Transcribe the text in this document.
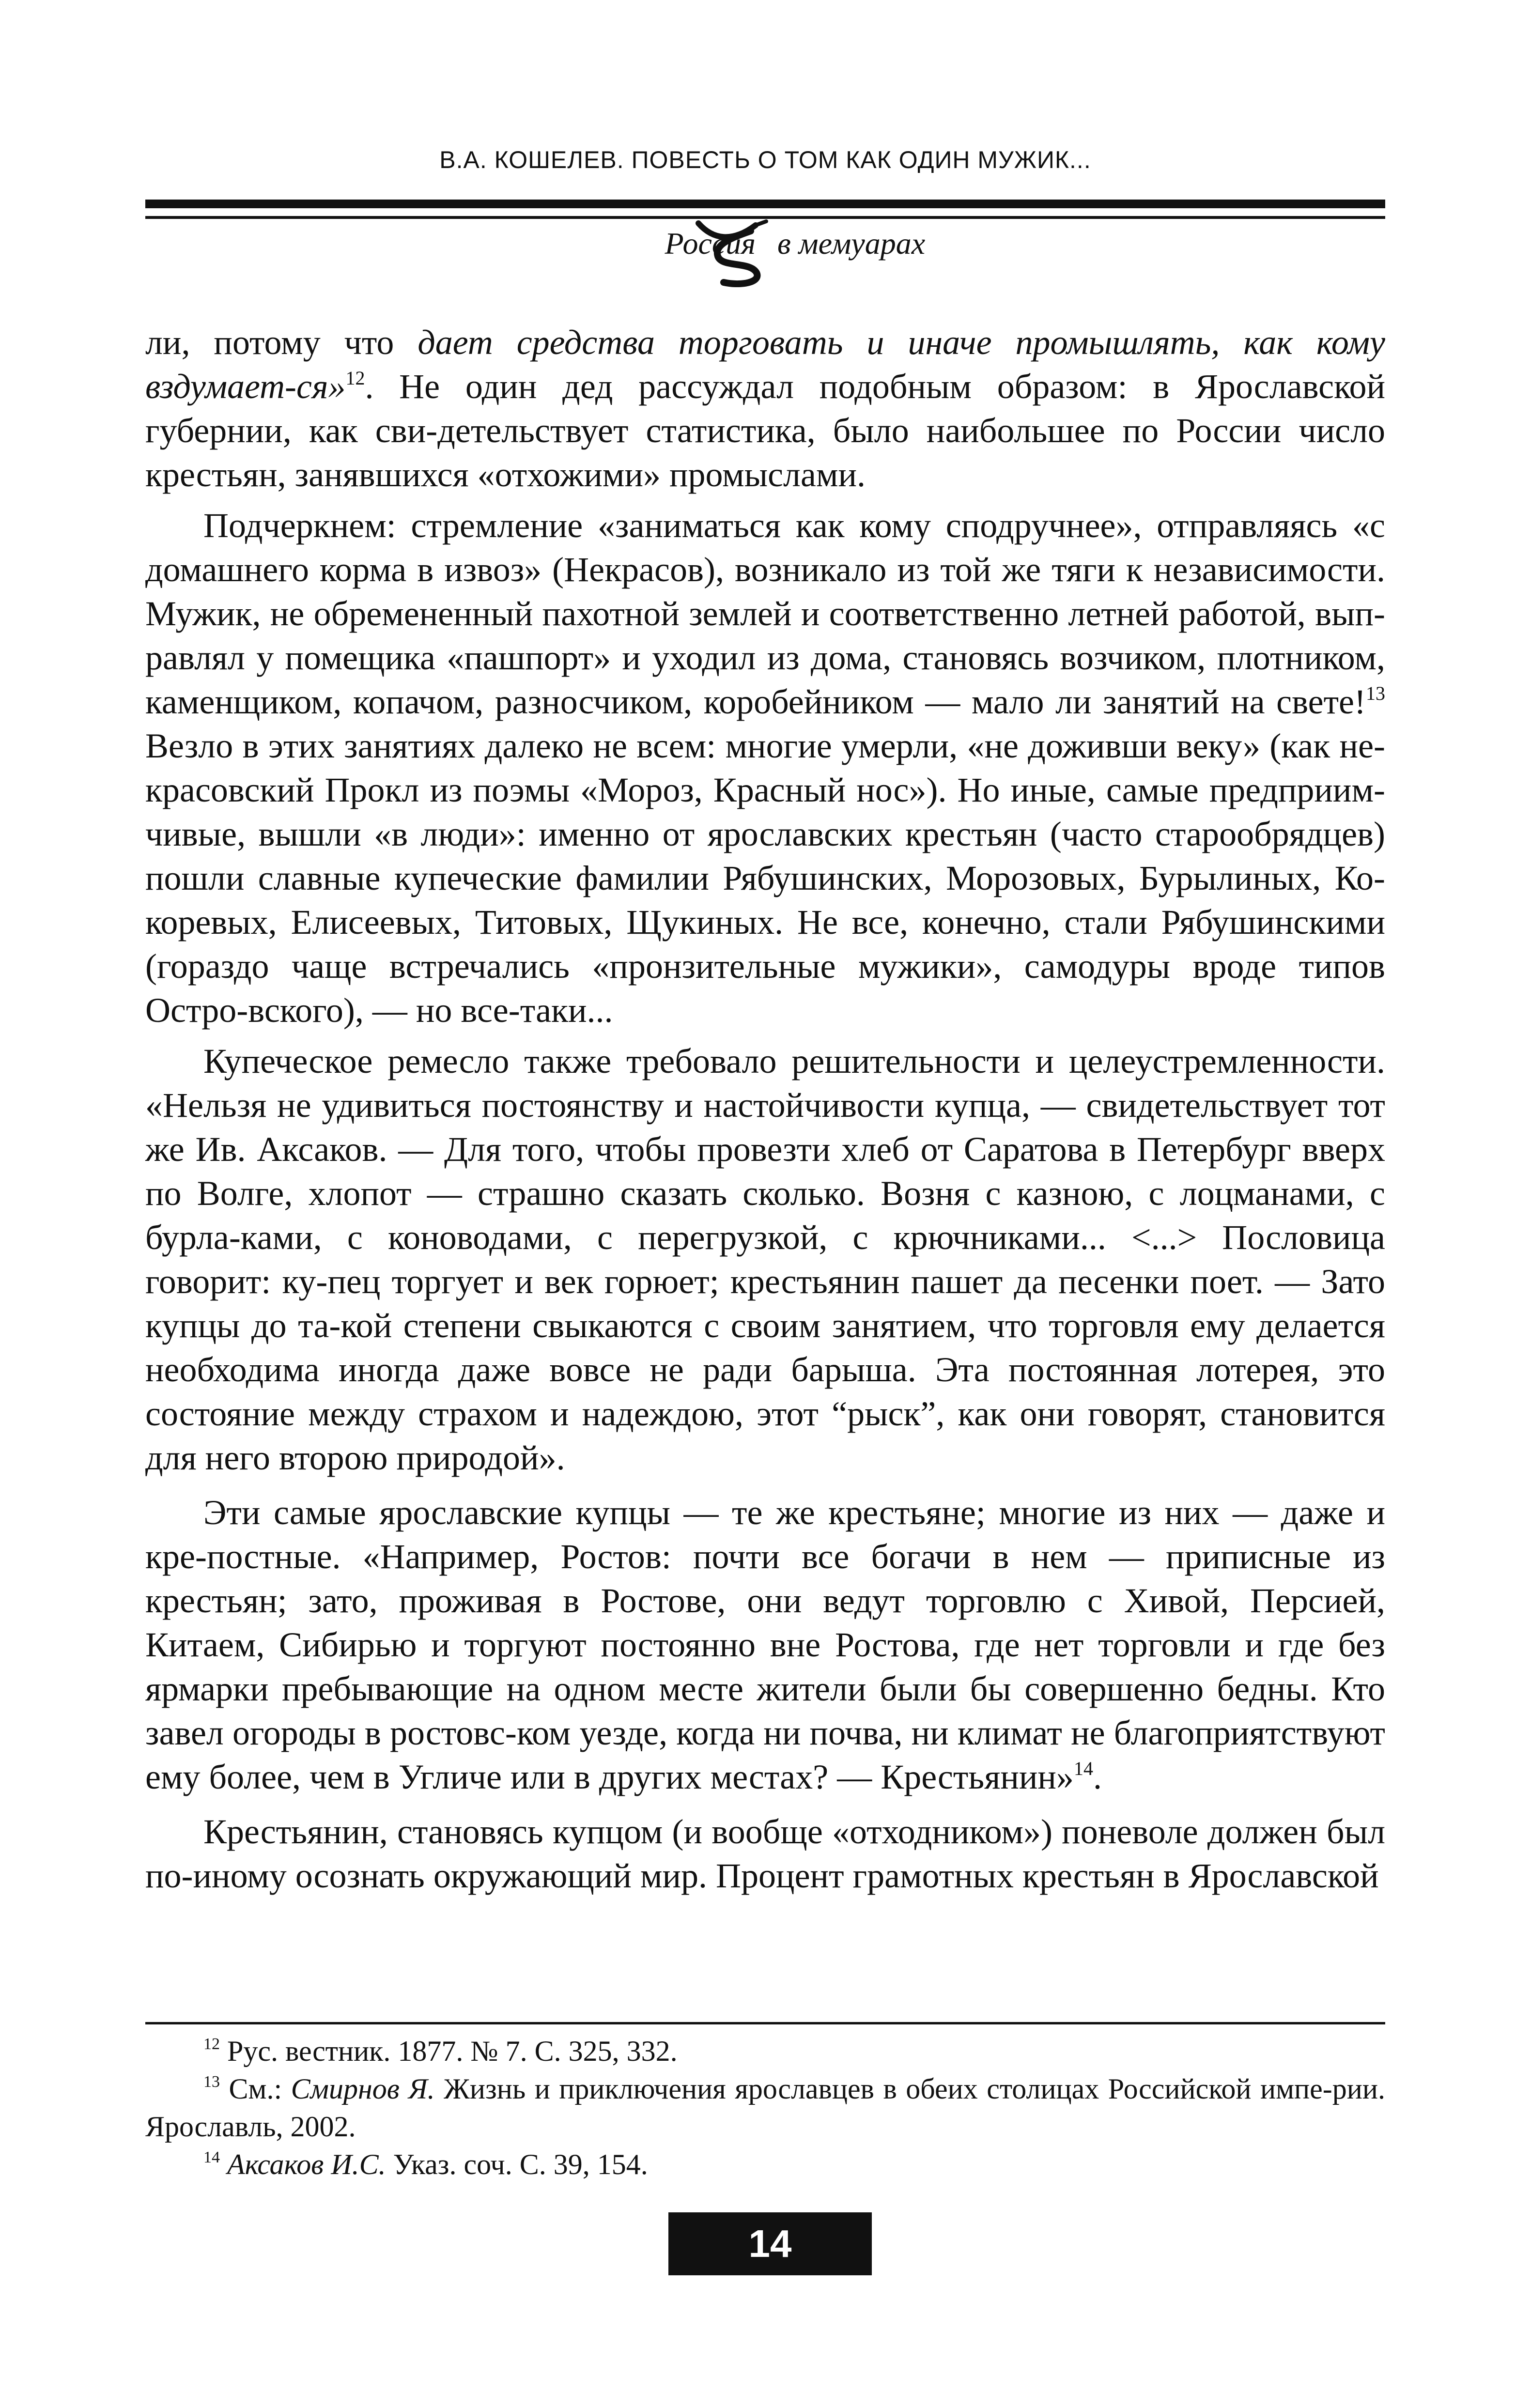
В.А. КОШЕЛЕВ. ПОВЕСТЬ О ТОМ КАК ОДИН МУЖИК...
Россия в мемуарах

ли, потому что дает средства торговать и иначе промышлять, как кому вздумает-ся»$^{12}$. Не один дед рассуждал подобным образом: в Ярославской губернии, как сви-детельствует статистика, было наибольшее по России число крестьян, занявшихся «отхожими» промыслами.

Подчеркнем: стремление «заниматься как кому сподручнее», отправляясь «с домашнего корма в извоз» (Некрасов), возникало из той же тяги к независимости. Мужик, не обремененный пахотной землей и соответственно летней работой, вып-равлял у помещика «пашпорт» и уходил из дома, становясь возчиком, плотником, каменщиком, копачом, разносчиком, коробейником — мало ли занятий на свете!$^{13}$ Везло в этих занятиях далеко не всем: многие умерли, «не доживши веку» (как не-красовский Прокл из поэмы «Мороз, Красный нос»). Но иные, самые предприим-чивые, вышли «в люди»: именно от ярославских крестьян (часто старообрядцев) пошли славные купеческие фамилии Рябушинских, Морозовых, Бурылиных, Ко-коревых, Елисеевых, Титовых, Щукиных. Не все, конечно, стали Рябушинскими (гораздо чаще встречались «пронзительные мужики», самодуры вроде типов Остро-вского), — но все-таки...

Купеческое ремесло также требовало решительности и целеустремленности. «Нельзя не удивиться постоянству и настойчивости купца, — свидетельствует тот же Ив. Аксаков. — Для того, чтобы провезти хлеб от Саратова в Петербург вверх по Волге, хлопот — страшно сказать сколько. Возня с казною, с лоцманами, с бурла-ками, с коноводами, с перегрузкой, с крючниками... <...> Пословица говорит: ку-пец торгует и век горюет; крестьянин пашет да песенки поет. — Зато купцы до та-кой степени свыкаются с своим занятием, что торговля ему делается необходима иногда даже вовсе не ради барыша. Эта постоянная лотерея, это состояние между страхом и надеждою, этот “рыск”, как они говорят, становится для него второю природой».

Эти самые ярославские купцы — те же крестьяне; многие из них — даже и кре-постные. «Например, Ростов: почти все богачи в нем — приписные из крестьян; зато, проживая в Ростове, они ведут торговлю с Хивой, Персией, Китаем, Сибирью и торгуют постоянно вне Ростова, где нет торговли и где без ярмарки пребывающие на одном месте жители были бы совершенно бедны. Кто завел огороды в ростовс-ком уезде, когда ни почва, ни климат не благоприятствуют ему более, чем в Угличе или в других местах? — Крестьянин»$^{14}$.

Крестьянин, становясь купцом (и вообще «отходником») поневоле должен был по-иному осознать окружающий мир. Процент грамотных крестьян в Ярославской

$^{12}$ Рус. вестник. 1877. № 7. С. 325, 332.

$^{13}$ См.: Смирнов Я. Жизнь и приключения ярославцев в обеих столицах Российской импе-рии. Ярославль, 2002.

$^{14}$ Аксаков И.С. Указ. соч. С. 39, 154.

14
